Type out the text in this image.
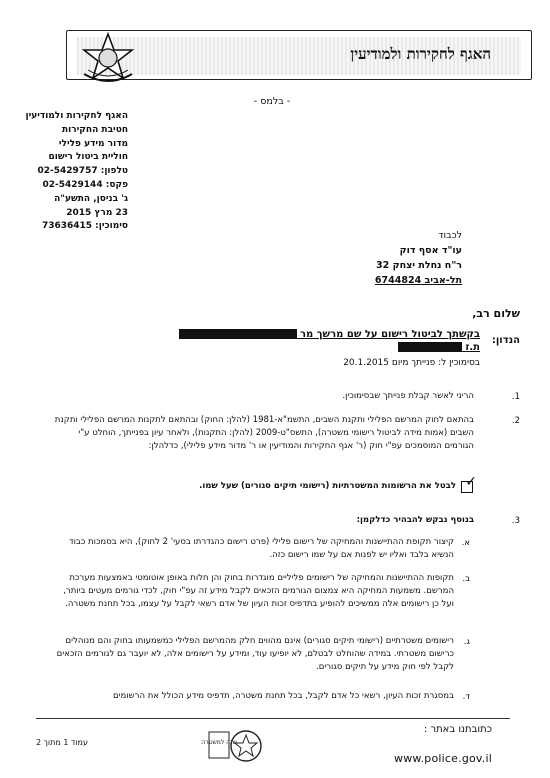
האגף לחקירות ולמודיעין
- בלמס -
האגף לחקירות ולמודיעין
חטיבת החקירות
מדור מידע פלילי
חוליית ביטול רישום
טלפון: 02-5429757
פקס: 02-5429144
ג' בניסן, התשע"ה
23 מרץ 2015
סימוכין: 73636415
לכבוד
עו"ד אסף דוק
ר"ח נחלת יצחק 32
תל-אביב 6744824
שלום רב,
הנדון:
בקשתך לביטול רישום על שם מרשך מר
ת.ז
בסימוכין ל: פנייתך מיום 20.1.2015
1.
הריני לאשר קבלת פנייתך שבסימוכין.
2.
בהתאם לחוק המרשם הפלילי ותקנת השבים, התשמ"א-1981 (להלן: החוק) ובהתאם לתקנות המרשם הפלילי ותקנת השבים (אמות מידה לביטול רישומי משטרה), התשס"ט-2009 (להלן: התקנות), ולאחר עיון בפנייתך, הוחלט ע"י הגורמים המוסמכים עפ"י חוק (ר' אגף החקירות והמודיעין או ר' מדור מידע פלילי), כדלהלן:
✓
לבטל את הרשומות המשטרתיות (רישומי תיקים סגורים) שעל שמו.
3.
בנוסף נבקש להבהיר כדלקמן:
א.
קיצור תקופת ההתיישנות והמחיקה של רישום פלילי (פרט רישום כהגדרתו בסעי' 2 לחוק), היא בסמכות כבוד הנשיא בלבד ואליו יש לפנות אם על שמו רישום כזה.
ב.
תקופות ההתיישנות והמחיקה של רישומים פליליים מוגדרות בחוק והן חלות באופן אוטומטי באמצעות מערכת המרשם. משמעות המחיקה היא צמצום הגורמים הזכאים לקבל מידע זה עפ"י חוק, לכדי גורמים מעטים ביותר, ועל כן רישומים אלה ממשיכים להופיע בתדפיס זכות העיון של אדם רשאי לקבל על עצמו, בכל תחנת משטרה.
ג.
רישומים משטרתיים (רישומי תיקים סגורים) אינם מהווים חלק מהמרשם הפלילי כמשמעותו בחוק והם מנוהלים כרישום משטרתי. במידה שהוחלט לבטלם, לא יופיעו עוד, ומידע על רישומים אלה, לא יועבר גם לגורמים הזכאים לקבל לפי חוק מידע על תיקים סגורים.
ד.
במסגרת זכות העיון, רשאי כל אדם לקבל, בכל תחנת משטרה, תדפיס מידע הכולל את הרשומים
כתובתנו באתר :
www.police.gov.il
עמוד 1 מתוך 2	שנה למשטרה
